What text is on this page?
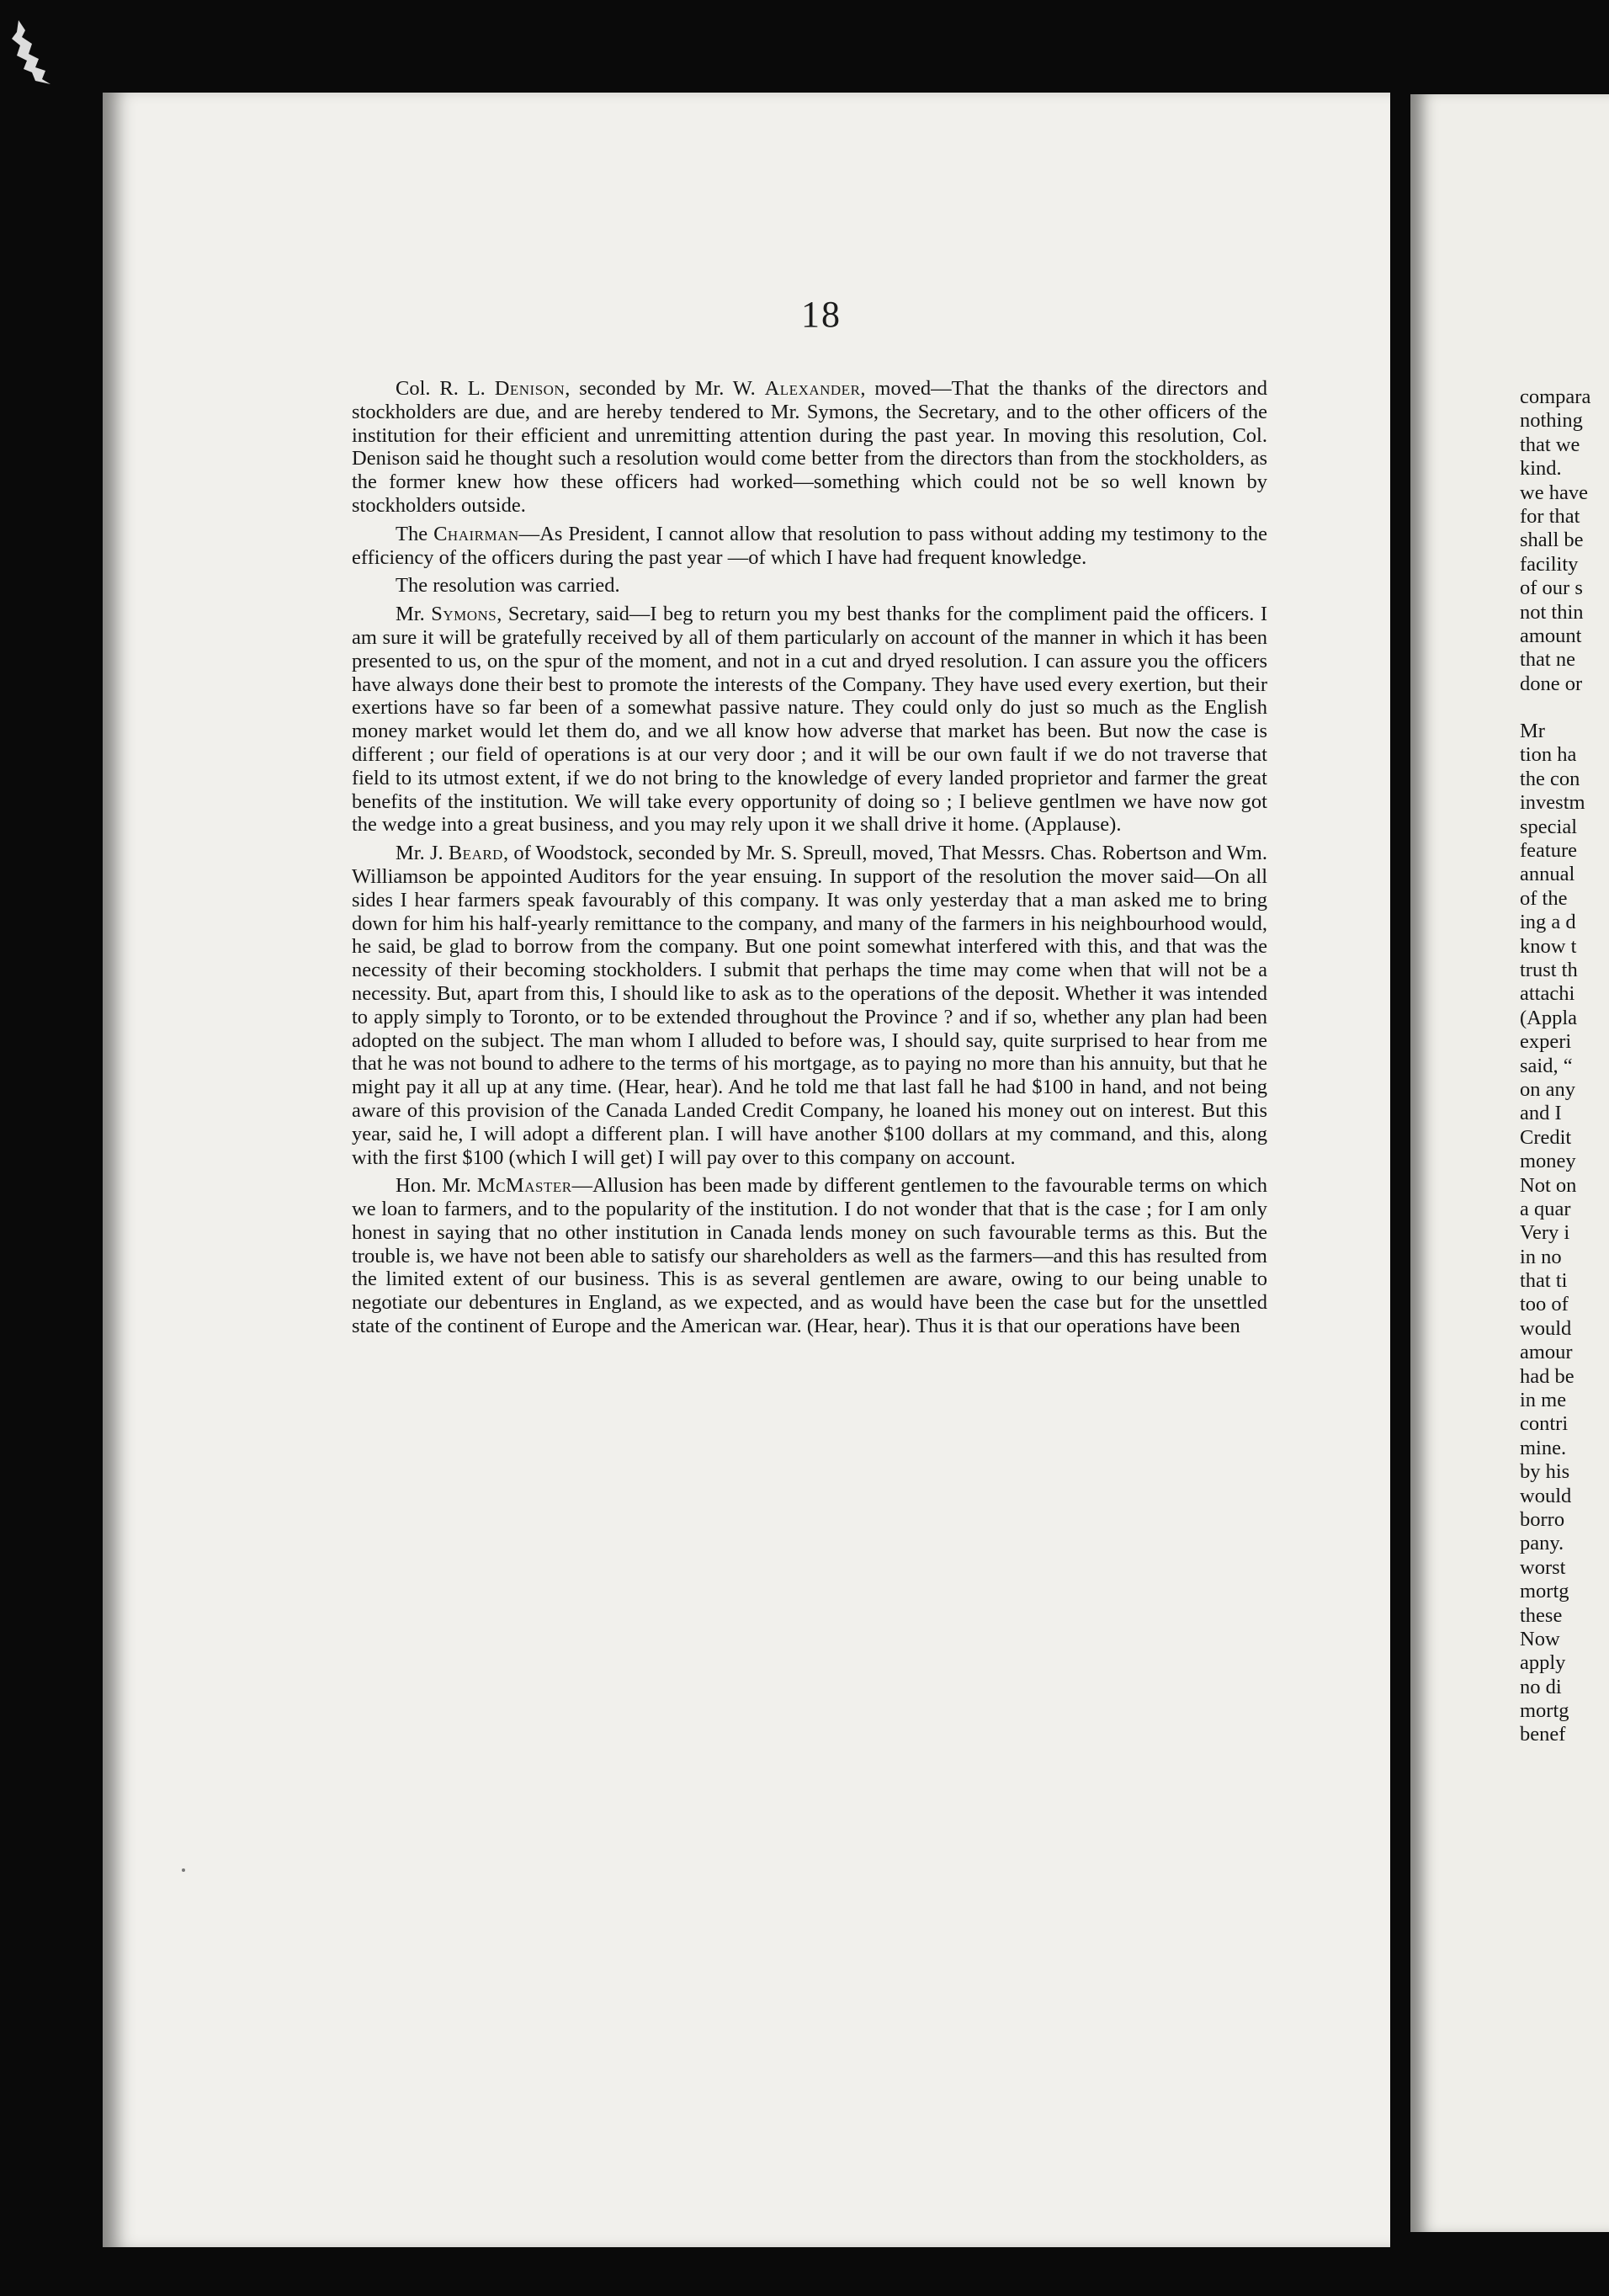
18

Col. R. L. Denison, seconded by Mr. W. Alexander, moved—That the thanks of the directors and stockholders are due, and are hereby tendered to Mr. Symons, the Secretary, and to the other officers of the institution for their efficient and unremitting attention during the past year. In moving this resolution, Col. Denison said he thought such a resolution would come better from the directors than from the stockholders, as the former knew how these officers had worked—something which could not be so well known by stockholders outside.

The Chairman—As President, I cannot allow that resolution to pass without adding my testimony to the efficiency of the officers during the past year —of which I have had frequent knowledge.

The resolution was carried.

Mr. Symons, Secretary, said—I beg to return you my best thanks for the compliment paid the officers. I am sure it will be gratefully received by all of them particularly on account of the manner in which it has been presented to us, on the spur of the moment, and not in a cut and dryed resolution. I can assure you the officers have always done their best to promote the interests of the Company. They have used every exertion, but their exertions have so far been of a somewhat passive nature. They could only do just so much as the English money market would let them do, and we all know how adverse that market has been. But now the case is different ; our field of operations is at our very door ; and it will be our own fault if we do not traverse that field to its utmost extent, if we do not bring to the knowledge of every landed proprietor and farmer the great benefits of the institution. We will take every opportunity of doing so ; I believe gentlmen we have now got the wedge into a great business, and you may rely upon it we shall drive it home. (Applause).

Mr. J. Beard, of Woodstock, seconded by Mr. S. Spreull, moved, That Messrs. Chas. Robertson and Wm. Williamson be appointed Auditors for the year ensuing. In support of the resolution the mover said—On all sides I hear farmers speak favourably of this company. It was only yesterday that a man asked me to bring down for him his half-yearly remittance to the company, and many of the farmers in his neighbourhood would, he said, be glad to borrow from the company. But one point somewhat interfered with this, and that was the necessity of their becoming stockholders. I submit that perhaps the time may come when that will not be a necessity. But, apart from this, I should like to ask as to the operations of the deposit. Whether it was intended to apply simply to Toronto, or to be extended throughout the Province ? and if so, whether any plan had been adopted on the subject. The man whom I alluded to before was, I should say, quite surprised to hear from me that he was not bound to adhere to the terms of his mortgage, as to paying no more than his annuity, but that he might pay it all up at any time. (Hear, hear). And he told me that last fall he had $100 in hand, and not being aware of this provision of the Canada Landed Credit Company, he loaned his money out on interest. But this year, said he, I will adopt a different plan. I will have another $100 dollars at my command, and this, along with the first $100 (which I will get) I will pay over to this company on account.

Hon. Mr. McMaster—Allusion has been made by different gentlemen to the favourable terms on which we loan to farmers, and to the popularity of the institution. I do not wonder that that is the case ; for I am only honest in saying that no other institution in Canada lends money on such favourable terms as this. But the trouble is, we have not been able to satisfy our shareholders as well as the farmers—and this has resulted from the limited extent of our business. This is as several gentlemen are aware, owing to our being unable to negotiate our debentures in England, as we expected, and as would have been the case but for the unsettled state of the continent of Europe and the American war. (Hear, hear). Thus it is that our operations have been

compara
nothing
that we
kind.
we have
for that
shall be
facility
of our s
not thin
amount
that ne
done or
Mr
tion ha
the con
investm
special
feature
annual
of the
ing a d
know t
trust th
attachi
(Appla
experi
said, “
on any
and I
Credit
money
Not on
a quar
Very i
in no
that ti
too of
would
amour
had be
in me
contri
mine.
by his
would
borro
pany.
worst
mortg
these
Now
apply
no di
mortg
benef
